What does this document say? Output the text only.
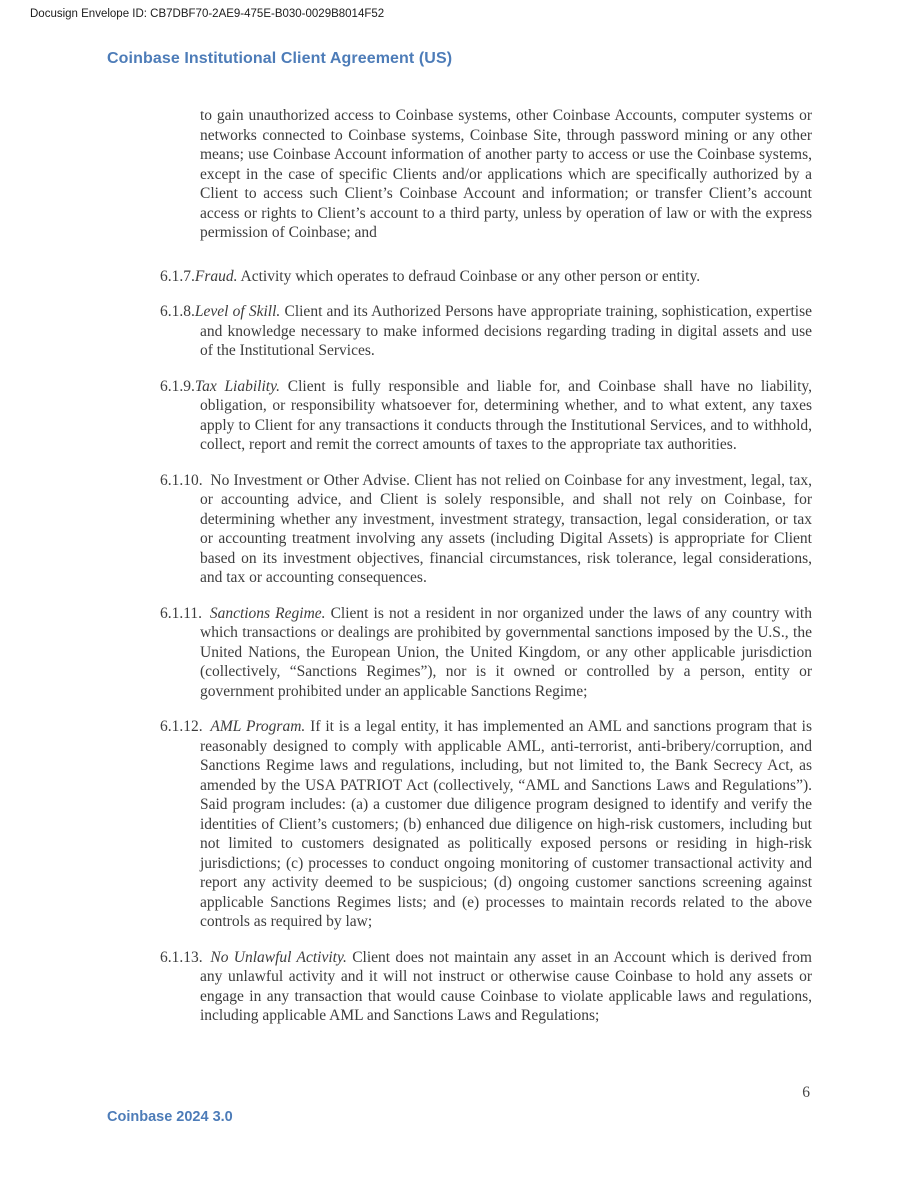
Docusign Envelope ID: CB7DBF70-2AE9-475E-B030-0029B8014F52
Coinbase Institutional Client Agreement (US)

to gain unauthorized access to Coinbase systems, other Coinbase Accounts, computer systems or networks connected to Coinbase systems, Coinbase Site, through password mining or any other means; use Coinbase Account information of another party to access or use the Coinbase systems, except in the case of specific Clients and/or applications which are specifically authorized by a Client to access such Client’s Coinbase Account and information; or transfer Client’s account access or rights to Client’s account to a third party, unless by operation of law or with the express permission of Coinbase; and

6.1.7.Fraud. Activity which operates to defraud Coinbase or any other person or entity.

6.1.8.Level of Skill. Client and its Authorized Persons have appropriate training, sophistication, expertise and knowledge necessary to make informed decisions regarding trading in digital assets and use of the Institutional Services.

6.1.9.Tax Liability. Client is fully responsible and liable for, and Coinbase shall have no liability, obligation, or responsibility whatsoever for, determining whether, and to what extent, any taxes apply to Client for any transactions it conducts through the Institutional Services, and to withhold, collect, report and remit the correct amounts of taxes to the appropriate tax authorities.

6.1.10.  No Investment or Other Advise. Client has not relied on Coinbase for any investment, legal, tax, or accounting advice, and Client is solely responsible, and shall not rely on Coinbase, for determining whether any investment, investment strategy, transaction, legal consideration, or tax or accounting treatment involving any assets (including Digital Assets) is appropriate for Client based on its investment objectives, financial circumstances, risk tolerance, legal considerations, and tax or accounting consequences.

6.1.11.  Sanctions Regime. Client is not a resident in nor organized under the laws of any country with which transactions or dealings are prohibited by governmental sanctions imposed by the U.S., the United Nations, the European Union, the United Kingdom, or any other applicable jurisdiction (collectively, “Sanctions Regimes”), nor is it owned or controlled by a person, entity or government prohibited under an applicable Sanctions Regime;

6.1.12.  AML Program. If it is a legal entity, it has implemented an AML and sanctions program that is reasonably designed to comply with applicable AML, anti-terrorist, anti-bribery/corruption, and Sanctions Regime laws and regulations, including, but not limited to, the Bank Secrecy Act, as amended by the USA PATRIOT Act (collectively, “AML and Sanctions Laws and Regulations”). Said program includes: (a) a customer due diligence program designed to identify and verify the identities of Client’s customers; (b) enhanced due diligence on high-risk customers, including but not limited to customers designated as politically exposed persons or residing in high-risk jurisdictions; (c) processes to conduct ongoing monitoring of customer transactional activity and report any activity deemed to be suspicious; (d) ongoing customer sanctions screening against applicable Sanctions Regimes lists; and (e) processes to maintain records related to the above controls as required by law;

6.1.13.  No Unlawful Activity. Client does not maintain any asset in an Account which is derived from any unlawful activity and it will not instruct or otherwise cause Coinbase to hold any assets or engage in any transaction that would cause Coinbase to violate applicable laws and regulations, including applicable AML and Sanctions Laws and Regulations;

6
Coinbase 2024 3.0
